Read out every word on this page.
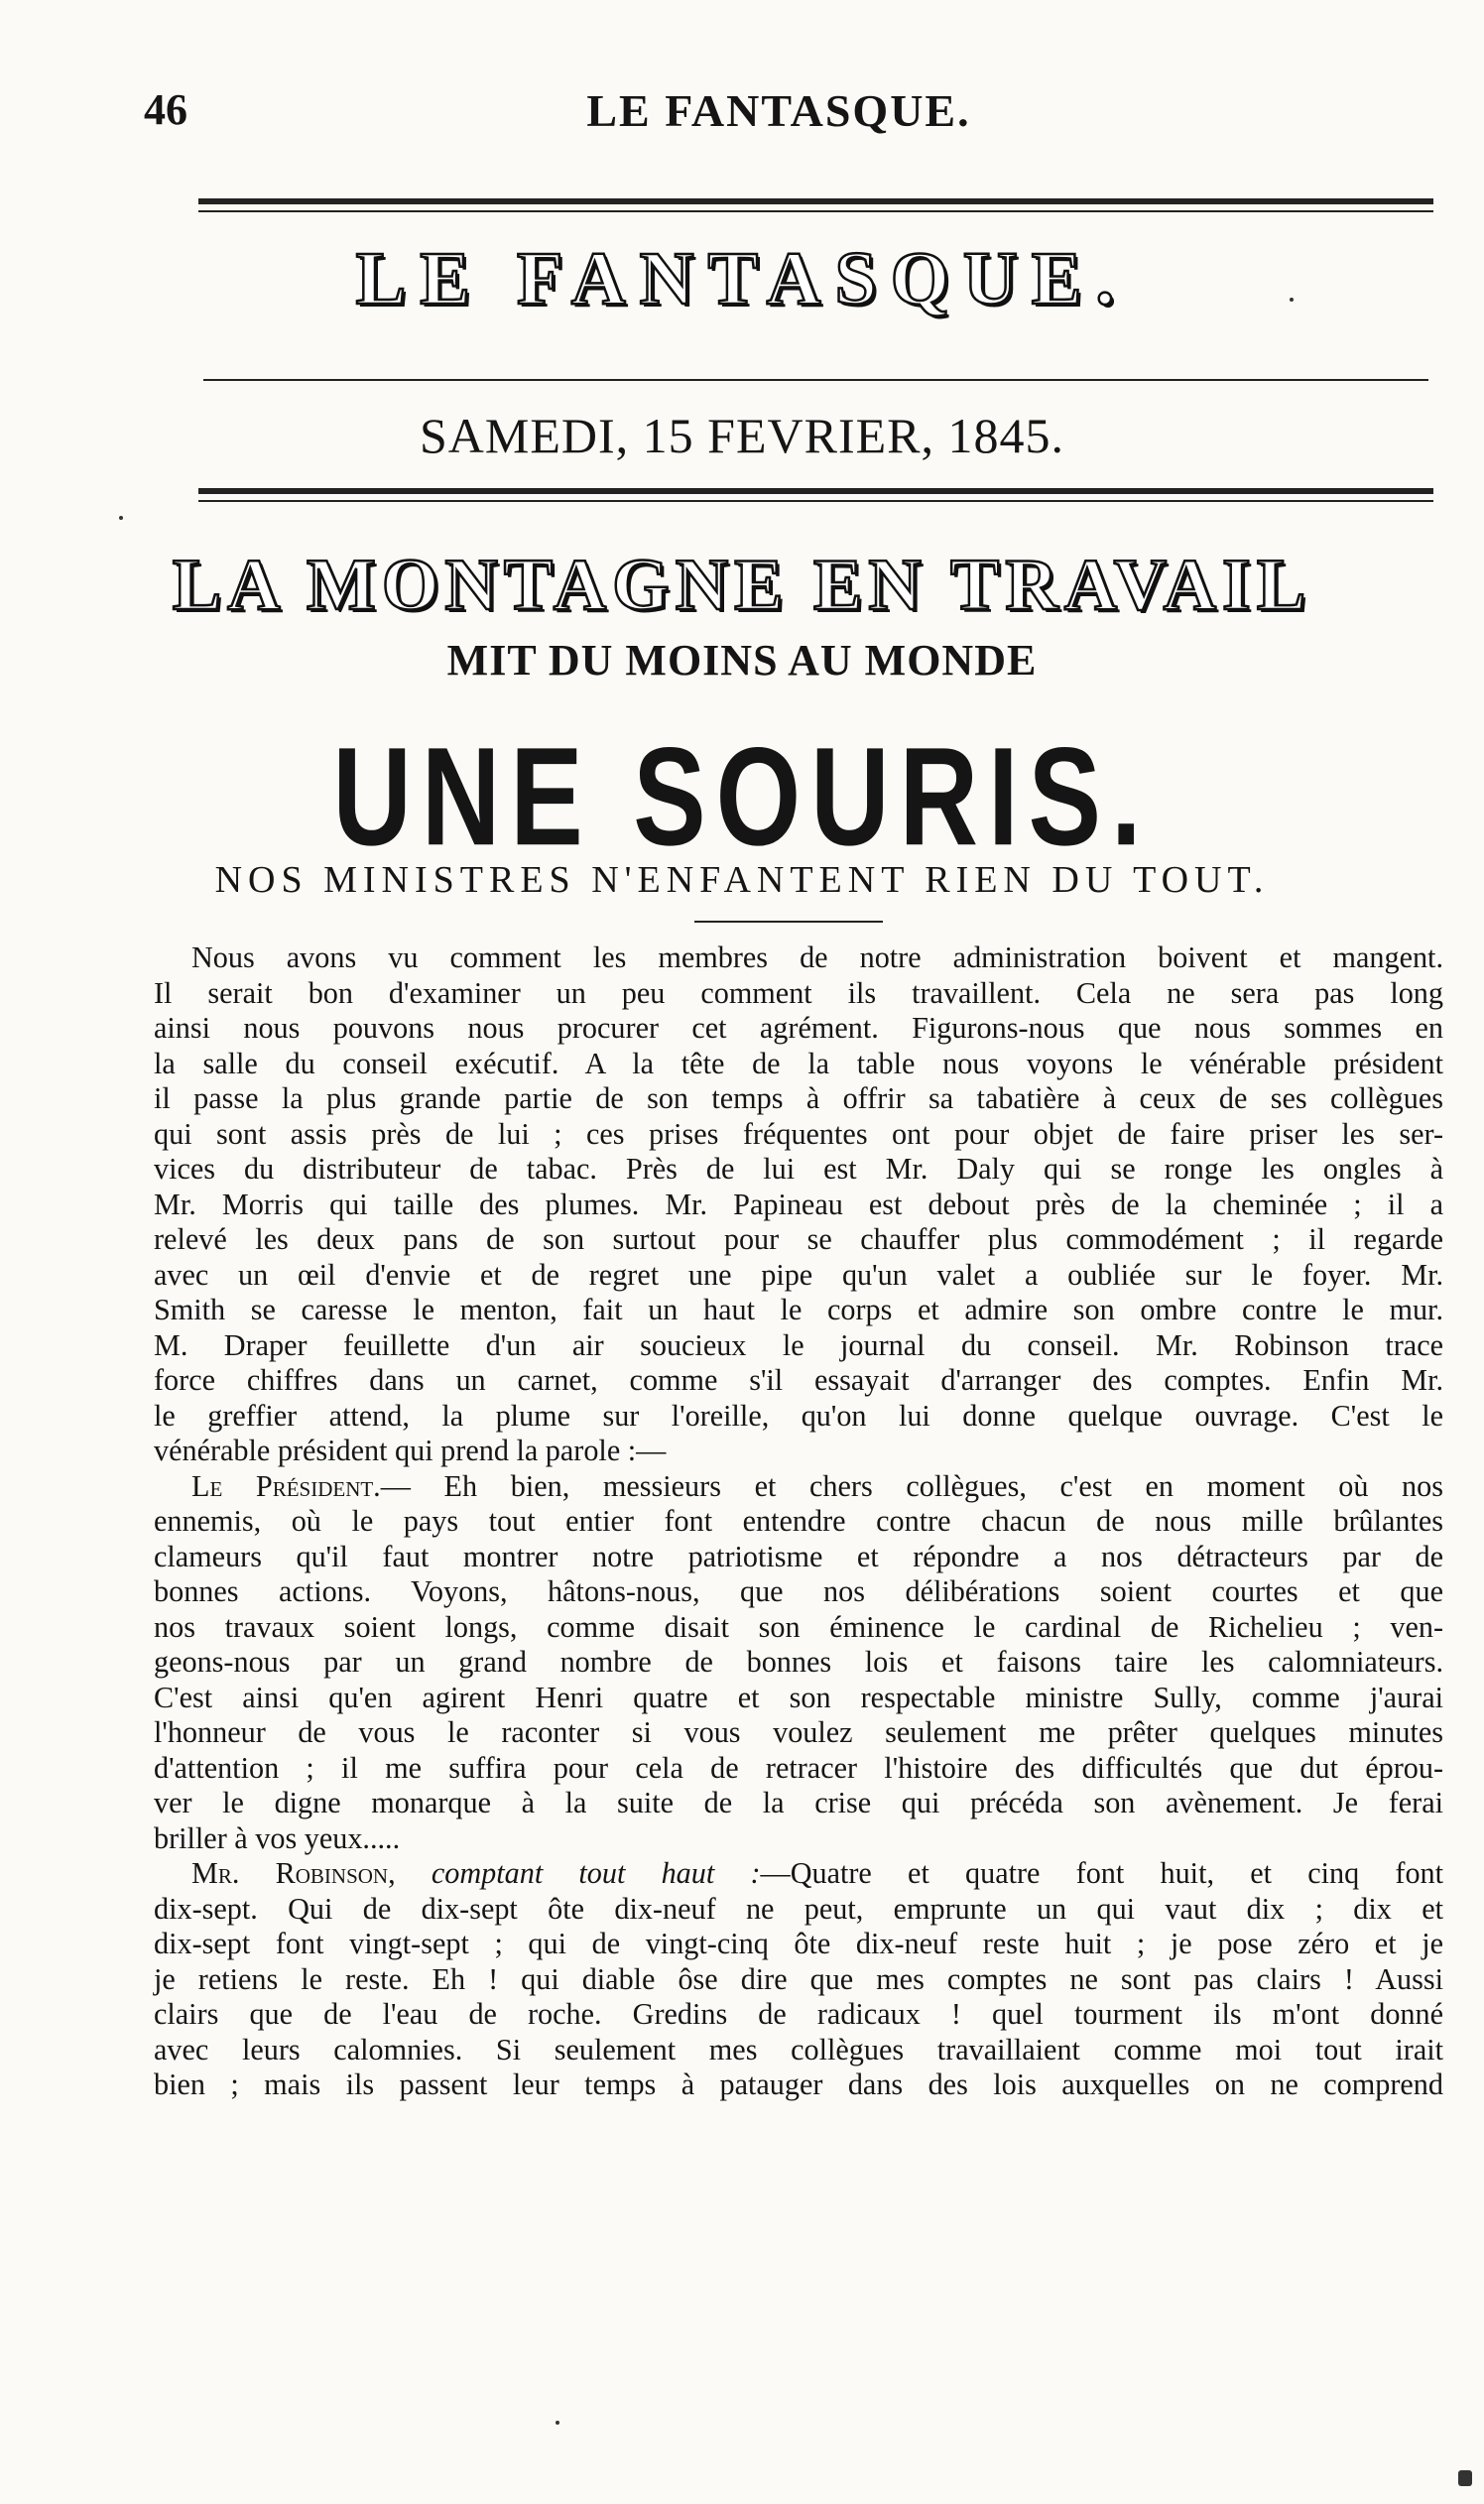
46	LE FANTASQUE.
LE FANTASQUE.
SAMEDI, 15 FEVRIER, 1845.
LA MONTAGNE EN TRAVAIL
MIT DU MOINS AU MONDE
UNE SOURIS.
NOS MINISTRES N'ENFANTENT RIEN DU TOUT.
Nous avons vu comment les membres de notre administration boivent et mangent.
Il serait bon d'examiner un peu comment ils travaillent. Cela ne sera pas long
ainsi nous pouvons nous procurer cet agrément. Figurons-nous que nous sommes en
la salle du conseil exécutif. A la tête de la table nous voyons le vénérable président
il passe la plus grande partie de son temps à offrir sa tabatière à ceux de ses collègues
qui sont assis près de lui ; ces prises fréquentes ont pour objet de faire priser les ser-
vices du distributeur de tabac. Près de lui est Mr. Daly qui se ronge les ongles à
Mr. Morris qui taille des plumes. Mr. Papineau est debout près de la cheminée ; il a
relevé les deux pans de son surtout pour se chauffer plus commodément ; il regarde
avec un œil d'envie et de regret une pipe qu'un valet a oubliée sur le foyer. Mr.
Smith se caresse le menton, fait un haut le corps et admire son ombre contre le mur.
M. Draper feuillette d'un air soucieux le journal du conseil. Mr. Robinson trace
force chiffres dans un carnet, comme s'il essayait d'arranger des comptes. Enfin Mr.
le greffier attend, la plume sur l'oreille, qu'on lui donne quelque ouvrage. C'est le
vénérable président qui prend la parole :—
Le Président.— Eh bien, messieurs et chers collègues, c'est en moment où nos
ennemis, où le pays tout entier font entendre contre chacun de nous mille brûlantes
clameurs qu'il faut montrer notre patriotisme et répondre a nos détracteurs par de
bonnes actions. Voyons, hâtons-nous, que nos délibérations soient courtes et que
nos travaux soient longs, comme disait son éminence le cardinal de Richelieu ; ven-
geons-nous par un grand nombre de bonnes lois et faisons taire les calomniateurs.
C'est ainsi qu'en agirent Henri quatre et son respectable ministre Sully, comme j'aurai
l'honneur de vous le raconter si vous voulez seulement me prêter quelques minutes
d'attention ; il me suffira pour cela de retracer l'histoire des difficultés que dut éprou-
ver le digne monarque à la suite de la crise qui précéda son avènement. Je ferai
briller à vos yeux.....
Mr. Robinson, comptant tout haut :—Quatre et quatre font huit, et cinq font
dix-sept. Qui de dix-sept ôte dix-neuf ne peut, emprunte un qui vaut dix ; dix et
dix-sept font vingt-sept ; qui de vingt-cinq ôte dix-neuf reste huit ; je pose zéro et je
je retiens le reste. Eh ! qui diable ôse dire que mes comptes ne sont pas clairs ! Aussi
clairs que de l'eau de roche. Gredins de radicaux ! quel tourment ils m'ont donné
avec leurs calomnies. Si seulement mes collègues travaillaient comme moi tout irait
bien ; mais ils passent leur temps à patauger dans des lois auxquelles on ne comprend
